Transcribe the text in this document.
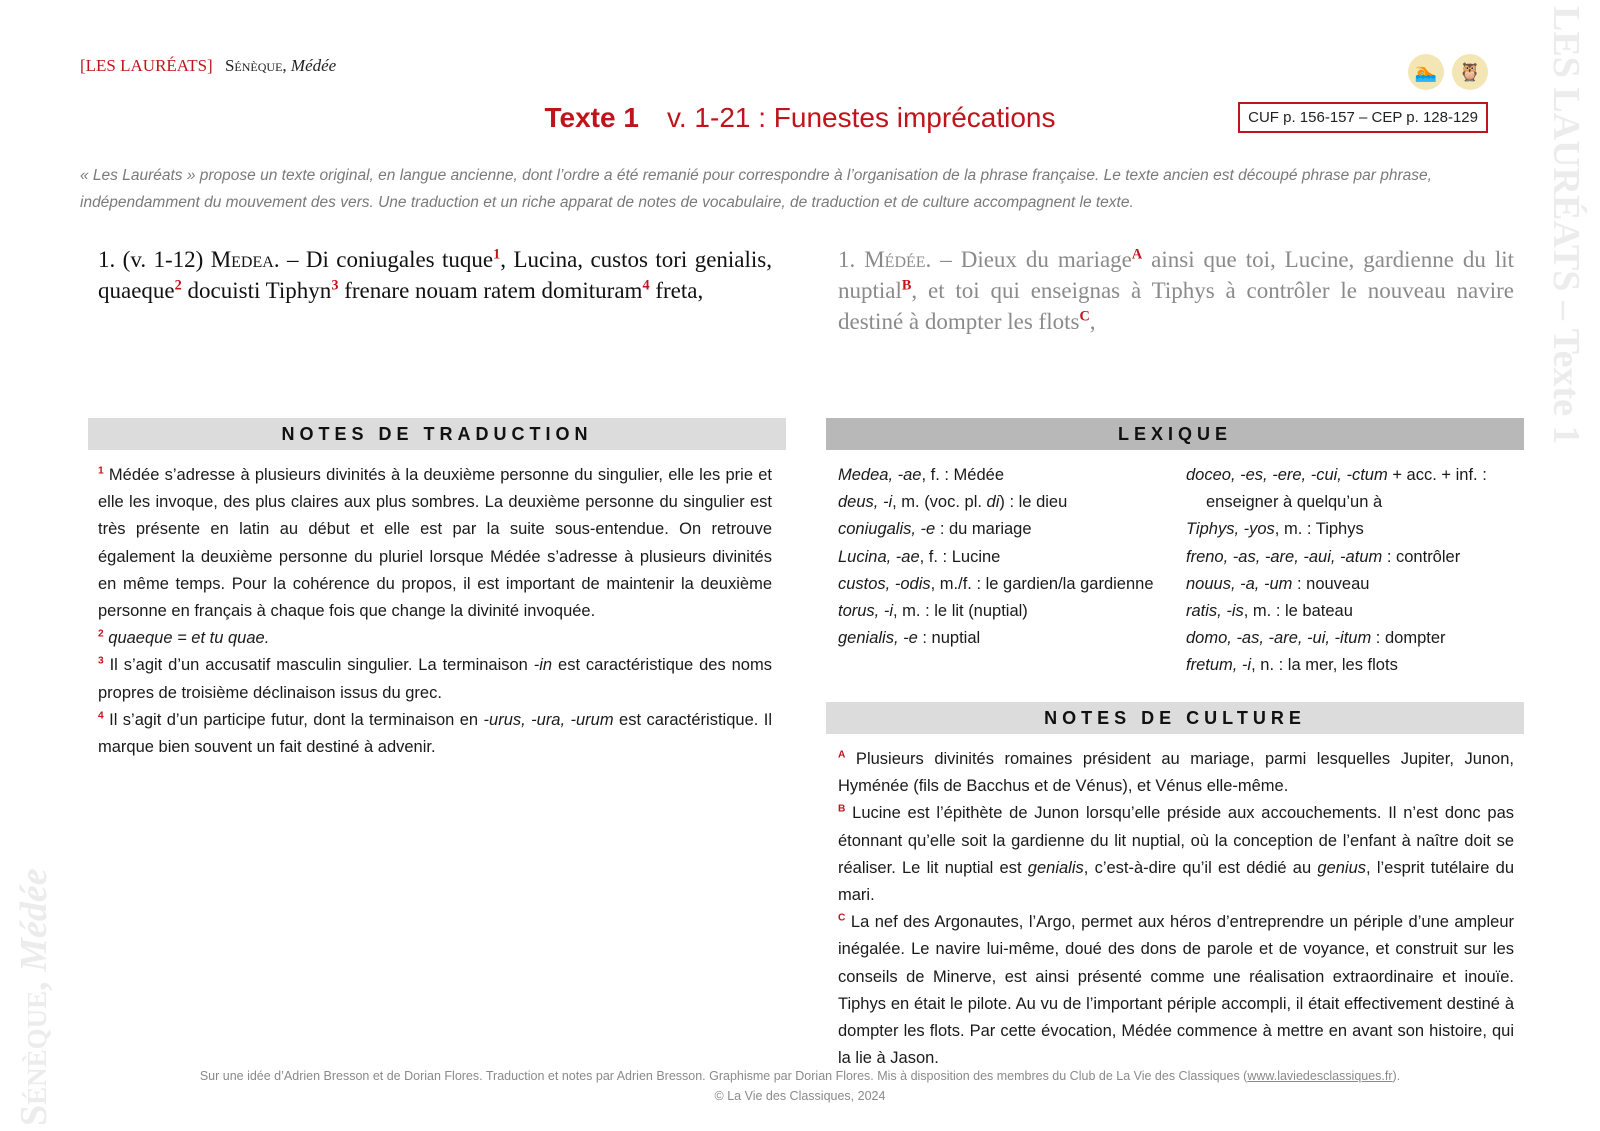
LES LAURÉATS – Texte 1
Sénèque, Médée
[LES LAURÉATS] Sénèque, Médée	🏊	🦉
Texte 1 v. 1-21 : Funestes imprécations	CUF p. 156-157 – CEP p. 128-129
« Les Lauréats » propose un texte original, en langue ancienne, dont l’ordre a été remanié pour correspondre à l’organisation de la phrase française. Le texte ancien est découpé phrase par phrase, indépendamment du mouvement des vers. Une traduction et un riche apparat de notes de vocabulaire, de traduction et de culture accompagnent le texte.
1. (v. 1-12) Medea. – Di coniugales tuque$^1$, Lucina, custos tori genialis, quaeque$^2$ docuisti Tiphyn$^3$ frenare nouam ratem domituram$^4$ freta,
1. Médée. – Dieux du mariage$^A$ ainsi que toi, Lucine, gardienne du lit nuptial$^B$, et toi qui enseignas à Tiphys à contrôler le nouveau navire destiné à dompter les flots$^C$,
NOTES DE TRADUCTION	LEXIQUE
NOTES DE CULTURE

$^1$ Médée s’adresse à plusieurs divinités à la deuxième personne du singulier, elle les prie et elle les invoque, des plus claires aux plus sombres. La deuxième personne du singulier est très présente en latin au début et elle est par la suite sous-entendue. On retrouve également la deuxième personne du pluriel lorsque Médée s’adresse à plusieurs divinités en même temps. Pour la cohérence du propos, il est important de maintenir la deuxième personne en français à chaque fois que change la divinité invoquée.

$^2$ quaeque = et tu quae.

$^3$ Il s’agit d’un accusatif masculin singulier. La terminaison -in est caractéristique des noms propres de troisième déclinaison issus du grec.

$^4$ Il s’agit d’un participe futur, dont la terminaison en -urus, -ura, -urum est caractéristique. Il marque bien souvent un fait destiné à advenir.

Medea, -ae, f. : Médée
deus, -i, m. (voc. pl. di) : le dieu
coniugalis, -e : du mariage
Lucina, -ae, f. : Lucine
custos, -odis, m./f. : le gardien/la gardienne
torus, -i, m. : le lit (nuptial)
genialis, -e : nuptial
doceo, -es, -ere, -cui, -ctum + acc. + inf. :
enseigner à quelqu’un à
Tiphys, -yos, m. : Tiphys
freno, -as, -are, -aui, -atum : contrôler
nouus, -a, -um : nouveau
ratis, -is, m. : le bateau
domo, -as, -are, -ui, -itum : dompter
fretum, -i, n. : la mer, les flots

$^A$ Plusieurs divinités romaines président au mariage, parmi lesquelles Jupiter, Junon, Hyménée (fils de Bacchus et de Vénus), et Vénus elle-même.

$^B$ Lucine est l’épithète de Junon lorsqu’elle préside aux accouchements. Il n’est donc pas étonnant qu’elle soit la gardienne du lit nuptial, où la conception de l’enfant à naître doit se réaliser. Le lit nuptial est genialis, c’est-à-dire qu’il est dédié au genius, l’esprit tutélaire du mari.

$^C$ La nef des Argonautes, l’Argo, permet aux héros d’entreprendre un périple d’une ampleur inégalée. Le navire lui-même, doué des dons de parole et de voyance, et construit sur les conseils de Minerve, est ainsi présenté comme une réalisation extraordinaire et inouïe. Tiphys en était le pilote. Au vu de l’important périple accompli, il était effectivement destiné à dompter les flots. Par cette évocation, Médée commence à mettre en avant son histoire, qui la lie à Jason.

Sur une idée d’Adrien Bresson et de Dorian Flores. Traduction et notes par Adrien Bresson. Graphisme par Dorian Flores. Mis à disposition des membres du Club de La Vie des Classiques (www.laviedesclassiques.fr).
© La Vie des Classiques, 2024
